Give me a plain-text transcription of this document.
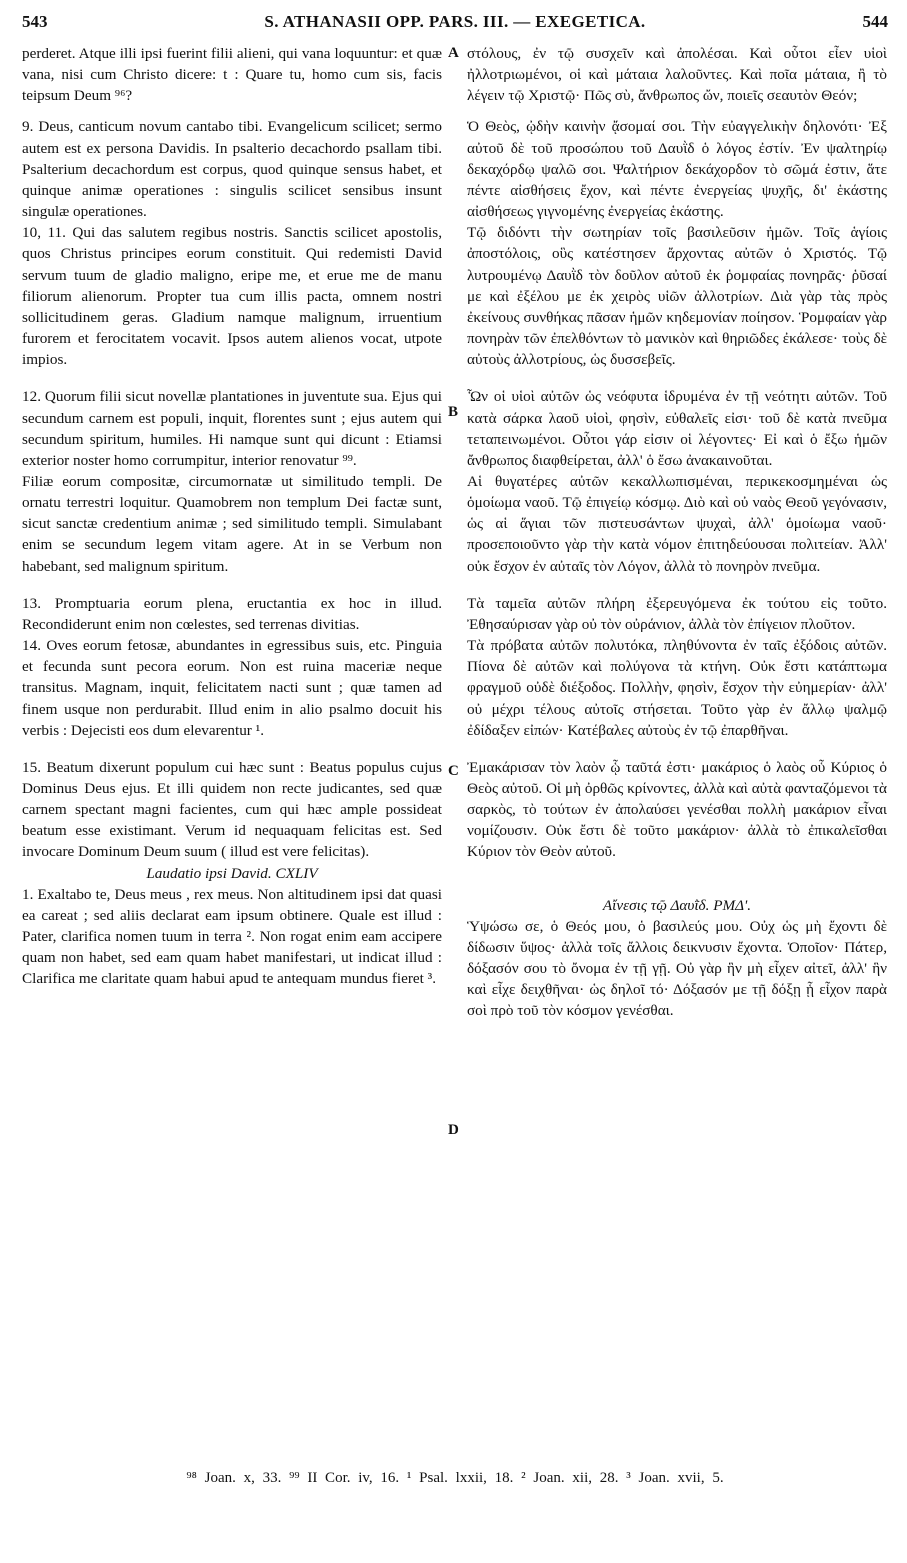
543	S. ATHANASII OPP. PARS. III. — EXEGETICA.	544

perderet. Atque illi ipsi fuerint filii alieni, qui vana loquuntur: et quæ vana, nisi cum Christo dicere: t : Quare tu, homo cum sis, facis teipsum Deum ⁹⁶?

9. Deus, canticum novum cantabo tibi. Evangelicum scilicet; sermo autem est ex persona Davidis. In psalterio decachordo psallam tibi. Psalterium decachordum est corpus, quod quinque sensus habet, et quinque animæ operationes : singulis scilicet sensibus insunt singulæ operationes.

10, 11. Qui das salutem regibus nostris. Sanctis scilicet apostolis, quos Christus principes eorum constituit. Qui redemisti David servum tuum de gladio maligno, eripe me, et erue me de manu filiorum alienorum. Propter tua cum illis pacta, omnem nostri sollicitudinem geras. Gladium namque malignum, irruentium furorem et ferocitatem vocavit. Ipsos autem alienos vocat, utpote impios.

12. Quorum filii sicut novellæ plantationes in juventute sua. Ejus qui secundum carnem est populi, inquit, florentes sunt ; ejus autem qui secundum spiritum, humiles. Hi namque sunt qui dicunt : Etiamsi exterior noster homo corrumpitur, interior renovatur ⁹⁹.

Filiæ eorum compositæ, circumornatæ ut similitudo templi. De ornatu terrestri loquitur. Quamobrem non templum Dei factæ sunt, sicut sanctæ credentium animæ ; sed similitudo templi. Simulabant enim se secundum legem vitam agere. At in se Verbum non habebant, sed malignum spiritum.

13. Promptuaria eorum plena, eructantia ex hoc in illud. Recondiderunt enim non cœlestes, sed terrenas divitias.

14. Oves eorum fetosæ, abundantes in egressibus suis, etc. Pinguia et fecunda sunt pecora eorum. Non est ruina maceriæ neque transitus. Magnam, inquit, felicitatem nacti sunt ; quæ tamen ad finem usque non perdurabit. Illud enim in alio psalmo docuit his verbis : Dejecisti eos dum elevarentur ¹.

15. Beatum dixerunt populum cui hæc sunt : Beatus populus cujus Dominus Deus ejus. Et illi quidem non recte judicantes, sed quæ carnem spectant magni facientes, cum qui hæc ample possideat beatum esse existimant. Verum id nequaquam felicitas est. Sed invocare Dominum Deum suum ( illud est vere felicitas).

Laudatio ipsi David. CXLIV

1. Exaltabo te, Deus meus , rex meus. Non altitudinem ipsi dat quasi ea careat ; sed aliis declarat eam ipsum obtinere. Quale est illud : Pater, clarifica nomen tuum in terra ². Non rogat enim eam accipere quam non habet, sed eam quam habet manifestari, ut indicat illud : Clarifica me claritate quam habui apud te antequam mundus fieret ³.

A
B
C
D

στόλους, ἐν τῷ συσχεῖν καὶ ἀπολέσαι. Καὶ οὗτοι εἶεν υἱοὶ ἠλλοτριωμένοι, οἱ καὶ μάταια λαλοῦντες. Καὶ ποῖα μάταια, ἢ τὸ λέγειν τῷ Χριστῷ· Πῶς σὺ, ἄνθρωπος ὤν, ποιεῖς σεαυτὸν Θεόν;

Ὁ Θεὸς, ᾠδὴν καινὴν ᾄσομαί σοι. Τὴν εὐαγγελικὴν δηλονότι· Ἐξ αὐτοῦ δὲ τοῦ προσώπου τοῦ Δαυῒδ ὁ λόγος ἐστίν. Ἐν ψαλτηρίῳ δεκαχόρδῳ ψαλῶ σοι. Ψαλτήριον δεκάχορδον τὸ σῶμά ἐστιν, ἅτε πέντε αἰσθήσεις ἔχον, καὶ πέντε ἐνεργείας ψυχῆς, δι' ἑκάστης αἰσθήσεως γιγνομένης ἐνεργείας ἑκάστης.

Τῷ διδόντι τὴν σωτηρίαν τοῖς βασιλεῦσιν ἡμῶν. Τοῖς ἁγίοις ἀποστόλοις, οὓς κατέστησεν ἄρχοντας αὐτῶν ὁ Χριστός. Τῷ λυτρουμένῳ Δαυῒδ τὸν δοῦλον αὐτοῦ ἐκ ῥομφαίας πονηρᾶς· ῥῦσαί με καὶ ἐξέλου με ἐκ χειρὸς υἱῶν ἀλλοτρίων. Διὰ γὰρ τὰς πρὸς ἐκείνους συνθήκας πᾶσαν ἡμῶν κηδεμονίαν ποίησον. Ῥομφαίαν γὰρ πονηρὰν τῶν ἐπελθόντων τὸ μανικὸν καὶ θηριῶδες ἐκάλεσε· τοὺς δὲ αὐτοὺς ἀλλοτρίους, ὡς δυσσεβεῖς.

Ὧν οἱ υἱοὶ αὐτῶν ὡς νεόφυτα ἱδρυμένα ἐν τῇ νεότητι αὐτῶν. Τοῦ κατὰ σάρκα λαοῦ υἱοὶ, φησὶν, εὐθαλεῖς εἰσι· τοῦ δὲ κατὰ πνεῦμα τεταπεινωμένοι. Οὗτοι γάρ εἰσιν οἱ λέγοντες· Εἰ καὶ ὁ ἔξω ἡμῶν ἄνθρωπος διαφθείρεται, ἀλλ' ὁ ἔσω ἀνακαινοῦται.

Αἱ θυγατέρες αὐτῶν κεκαλλωπισμέναι, περικεκοσμημέναι ὡς ὁμοίωμα ναοῦ. Τῷ ἐπιγείῳ κόσμῳ. Διὸ καὶ οὐ ναὸς Θεοῦ γεγόνασιν, ὡς αἱ ἅγιαι τῶν πιστευσάντων ψυχαὶ, ἀλλ' ὁμοίωμα ναοῦ· προσεποιοῦντο γὰρ τὴν κατὰ νόμον ἐπιτηδεύουσαι πολιτείαν. Ἀλλ' οὐκ ἔσχον ἐν αὐταῖς τὸν Λόγον, ἀλλὰ τὸ πονηρὸν πνεῦμα.

Τὰ ταμεῖα αὐτῶν πλήρη ἐξερευγόμενα ἐκ τούτου εἰς τοῦτο. Ἐθησαύρισαν γὰρ οὐ τὸν οὐράνιον, ἀλλὰ τὸν ἐπίγειον πλοῦτον.

Τὰ πρόβατα αὐτῶν πολυτόκα, πληθύνοντα ἐν ταῖς ἐξόδοις αὐτῶν. Πίονα δὲ αὐτῶν καὶ πολύγονα τὰ κτήνη. Οὐκ ἔστι κατάπτωμα φραγμοῦ οὐδὲ διέξοδος. Πολλὴν, φησὶν, ἔσχον τὴν εὐημερίαν· ἀλλ' οὐ μέχρι τέλους αὐτοῖς στήσεται. Τοῦτο γὰρ ἐν ἄλλῳ ψαλμῷ ἐδίδαξεν εἰπών· Κατέβαλες αὐτοὺς ἐν τῷ ἐπαρθῆναι.

Ἐμακάρισαν τὸν λαὸν ᾧ ταῦτά ἐστι· μακάριος ὁ λαὸς οὗ Κύριος ὁ Θεὸς αὐτοῦ. Οἱ μὴ ὀρθῶς κρίνοντες, ἀλλὰ καὶ αὐτὰ φανταζόμενοι τὰ σαρκὸς, τὸ τούτων ἐν ἀπολαύσει γενέσθαι πολλὴ μακάριον εἶναι νομίζουσιν. Οὐκ ἔστι δὲ τοῦτο μακάριον· ἀλλὰ τὸ ἐπικαλεῖσθαι Κύριον τὸν Θεὸν αὐτοῦ.

Αἴνεσις τῷ Δαυῒδ. ΡΜΔ'.

Ὑψώσω σε, ὁ Θεός μου, ὁ βασιλεύς μου. Οὐχ ὡς μὴ ἔχοντι δὲ δίδωσιν ὕψος· ἀλλὰ τοῖς ἄλλοις δεικνυσιν ἔχοντα. Ὁποῖον· Πάτερ, δόξασόν σου τὸ ὄνομα ἐν τῇ γῇ. Οὐ γὰρ ἣν μὴ εἶχεν αἰτεῖ, ἀλλ' ἣν καὶ εἶχε δειχθῆναι· ὡς δηλοῖ τό· Δόξασόν με τῇ δόξῃ ᾗ εἶχον παρὰ σοὶ πρὸ τοῦ τὸν κόσμον γενέσθαι.

⁹⁸ Joan. x, 33. ⁹⁹ II Cor. iv, 16. ¹ Psal. lxxii, 18. ² Joan. xii, 28. ³ Joan. xvii, 5.
